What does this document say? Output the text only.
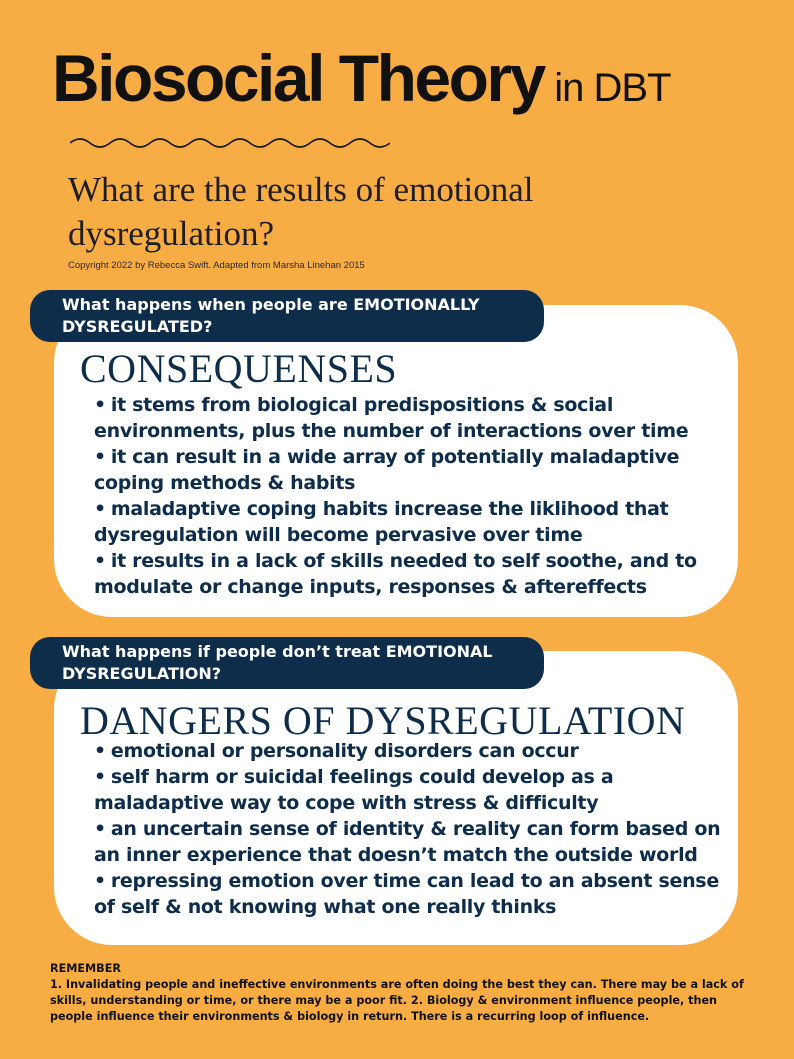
Biosocial Theory in DBT
What are the results of emotional dysregulation?
Copyright 2022 by Rebecca Swift. Adapted from Marsha Linehan 2015
What happens when people are EMOTIONALLY DYSREGULATED?
CONSEQUENSES
• it stems from biological predispositions & social environments, plus the number of interactions over time
• it can result in a wide array of potentially maladaptive coping methods & habits
• maladaptive coping habits increase the liklihood that dysregulation will become pervasive over time
• it results in a lack of skills needed to self soothe, and to modulate or change inputs, responses & aftereffects
What happens if people don’t treat EMOTIONAL DYSREGULATION?
DANGERS OF DYSREGULATION
• emotional or personality disorders can occur
• self harm or suicidal feelings could develop as a maladaptive way to cope with stress & difficulty
• an uncertain sense of identity & reality can form based on an inner experience that doesn’t match the outside world
• repressing emotion over time can lead to an absent sense of self & not knowing what one really thinks
REMEMBER
1. Invalidating people and ineffective environments are often doing the best they can. There may be a lack of skills, understanding or time, or there may be a poor fit. 2. Biology & environment influence people, then people influence their environments & biology in return. There is a recurring loop of influence.
